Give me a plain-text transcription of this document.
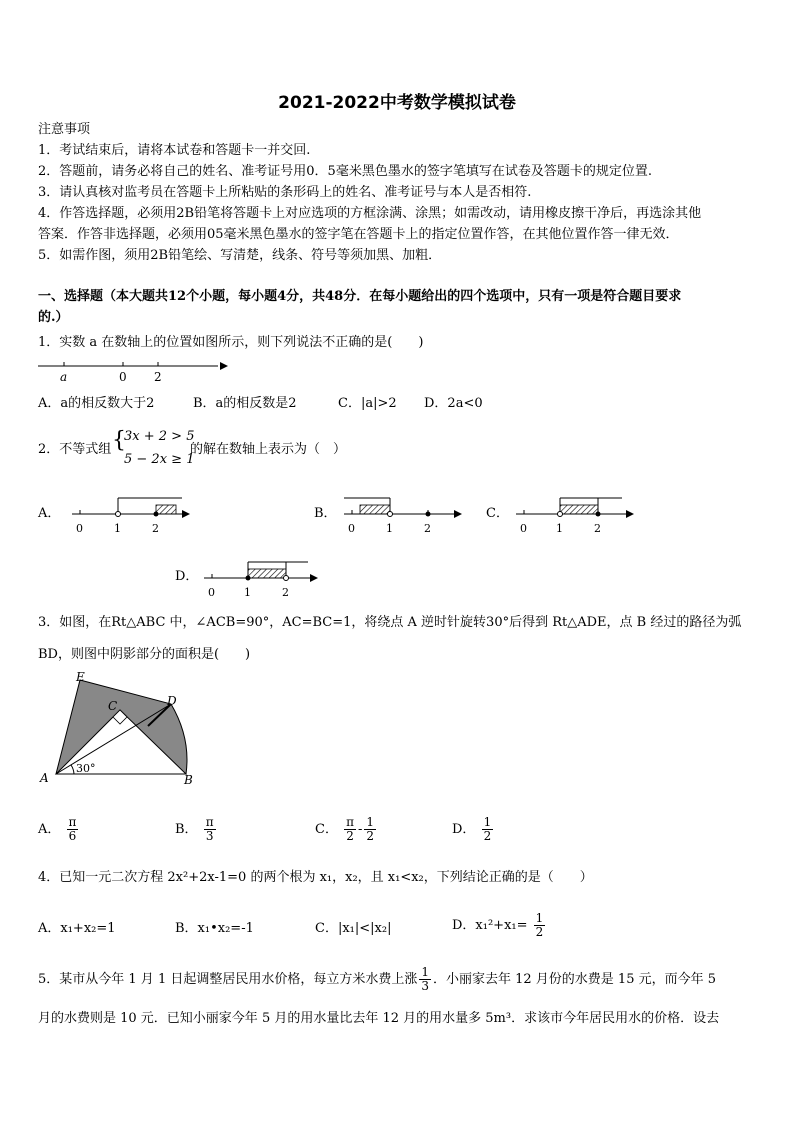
2021-2022中考数学模拟试卷
注意事项
1．考试结束后，请将本试卷和答题卡一并交回.
2．答题前，请务必将自己的姓名、准考证号用0．5毫米黑色墨水的签字笔填写在试卷及答题卡的规定位置.
3．请认真核对监考员在答题卡上所粘贴的条形码上的姓名、准考证号与本人是否相符.
4．作答选择题，必须用2B铅笔将答题卡上对应选项的方框涂满、涂黑；如需改动，请用橡皮擦干净后，再选涂其他
答案．作答非选择题，必须用05毫米黑色墨水的签字笔在答题卡上的指定位置作答，在其他位置作答一律无效．
5．如需作图，须用2B铅笔绘、写清楚，线条、符号等须加黑、加粗．
一、选择题（本大题共12个小题，每小题4分，共48分．在每小题给出的四个选项中，只有一项是符合题目要求
的.）
1．实数 a 在数轴上的位置如图所示，则下列说法不正确的是(　　)
a	0 2
A．a的相反数大于2	B．a的相反数是2	C．|a|>2 D．2a<0
2．不等式组 {
3x + 2 > 5
5 − 2x ≥ 1
的解在数轴上表示为（　）
A．	B．	C．
D．
0	1	2	0	1	2	0	1	2
0	1	2
3．如图，在Rt△ABC 中，∠ACB=90°，AC=BC=1，将绕点 A 逆时针旋转30°后得到 Rt△ADE，点 B 经过的路径为弧
BD，则图中阴影部分的面积是(　　)
E
C	D
A	B
30°
A． $\frac{\pi}{6}$	B． $\frac{\pi}{3}$	C． $\frac{\pi}{2} - \frac{1}{2}$	D． $\frac{1}{2}$
4．已知一元二次方程 2x²+2x-1=0 的两个根为 x₁，x₂，且 x₁<x₂，下列结论正确的是（　　）
A．x₁+x₂=1	B．x₁•x₂=-1	C．|x₁|<|x₂|	D．$x_1^2+x_1= \frac{1}{2}$
5．某市从今年 1 月 1 日起调整居民用水价格，每立方米水费上涨 $\frac{1}{3}$ ．小丽家去年 12 月份的水费是 15 元，而今年 5
月的水费则是 10 元．已知小丽家今年 5 月的用水量比去年 12 月的用水量多 5m³．求该市今年居民用水的价格．设去
